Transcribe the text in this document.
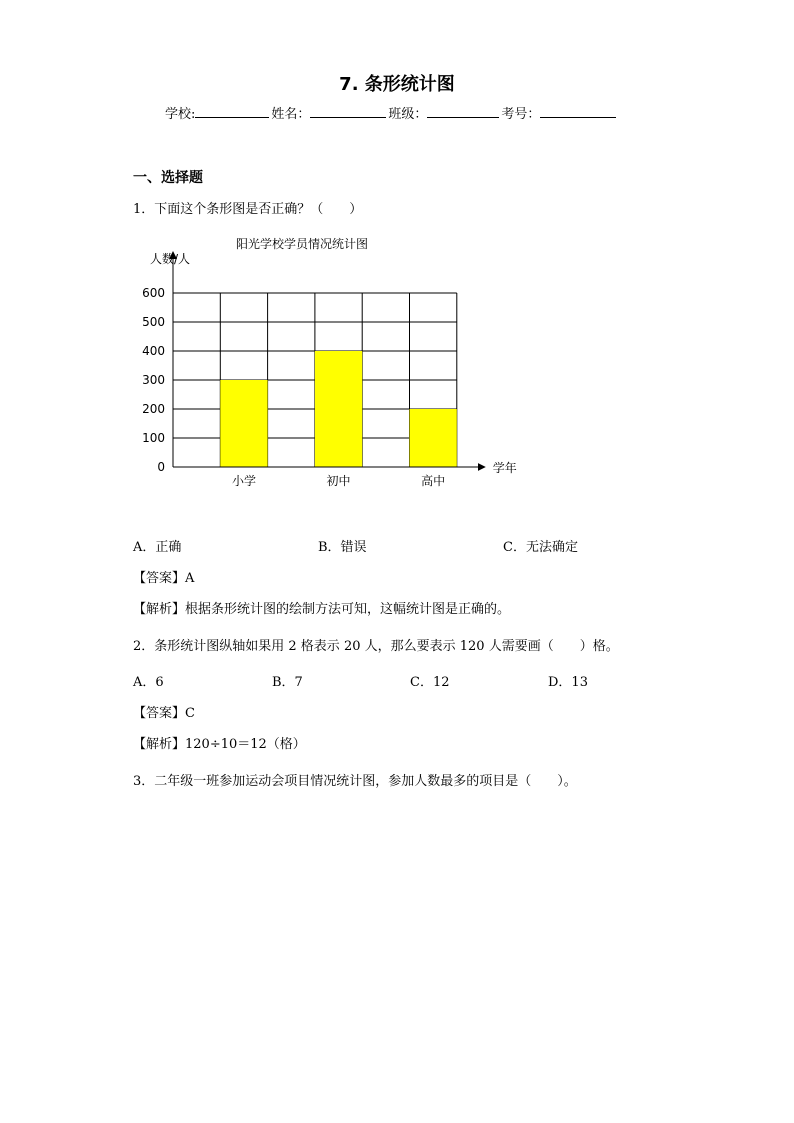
7. 条形统计图
学校:	姓名：	班级：	考号：
一、选择题
1．下面这个条形图是否正确？（　　）
0
100
200
300
400
500
600
小学	初中	高中
阳光学校学员情况统计图
人数/人
学年
A．正确	B．错误	C．无法确定
【答案】A
【解析】根据条形统计图的绘制方法可知，这幅统计图是正确的。
2．条形统计图纵轴如果用 2 格表示 20 人，那么要表示 120 人需要画（　　）格。
A．6	B．7	C．12	D．13
【答案】C
【解析】120÷10＝12（格）
3．二年级一班参加运动会项目情况统计图，参加人数最多的项目是（　　）。
